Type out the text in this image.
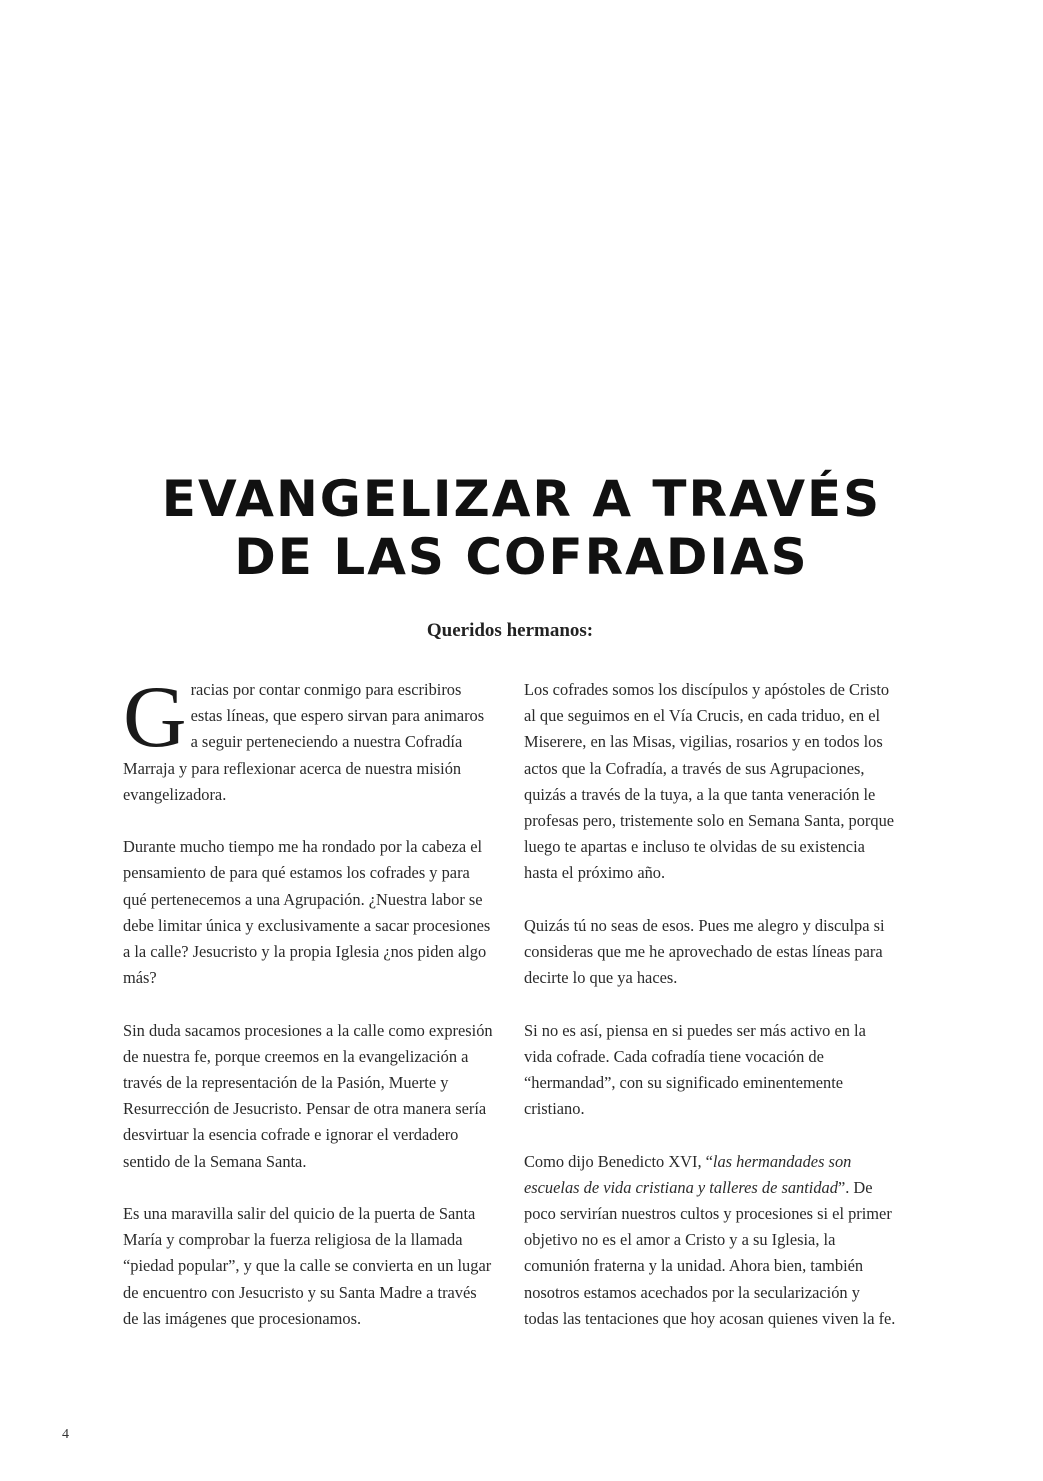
EVANGELIZAR A TRAVÉS
DE LAS COFRADIAS
Queridos hermanos:

Gracias por contar conmigo para escribiros estas líneas, que espero sirvan para animaros a seguir perteneciendo a nuestra Cofradía Marraja y para reflexionar acerca de nuestra misión evangelizadora.

Durante mucho tiempo me ha rondado por la cabeza el pensamiento de para qué estamos los cofrades y para qué pertenecemos a una Agrupación. ¿Nuestra labor se debe limitar única y exclusivamente a sacar procesiones a la calle? Jesucristo y la propia Iglesia ¿nos piden algo más?

Sin duda sacamos procesiones a la calle como expresión de nuestra fe, porque creemos en la evangelización a través de la representación de la Pasión, Muerte y Resurrección de Jesucristo. Pensar de otra manera sería desvirtuar la esencia cofrade e ignorar el verdadero sentido de la Semana Santa.

Es una maravilla salir del quicio de la puerta de Santa María y comprobar la fuerza religiosa de la llamada “piedad popular”, y que la calle se convierta en un lugar de encuentro con Jesucristo y su Santa Madre a través de las imágenes que procesionamos.

Los cofrades somos los discípulos y apóstoles de Cristo al que seguimos en el Vía Crucis, en cada triduo, en el Miserere, en las Misas, vigilias, rosarios y en todos los actos que la Cofradía, a través de sus Agrupaciones, quizás a través de la tuya, a la que tanta veneración le profesas pero, tristemente solo en Semana Santa, porque luego te apartas e incluso te olvidas de su existencia hasta el próximo año.

Quizás tú no seas de esos. Pues me alegro y disculpa si consideras que me he aprovechado de estas líneas para decirte lo que ya haces.

Si no es así, piensa en si puedes ser más activo en la vida cofrade. Cada cofradía tiene vocación de “hermandad”, con su significado eminentemente cristiano.

Como dijo Benedicto XVI, “las hermandades son escuelas de vida cristiana y talleres de santidad”. De poco servirían nuestros cultos y procesiones si el primer objetivo no es el amor a Cristo y a su Iglesia, la comunión fraterna y la unidad. Ahora bien, también nosotros estamos acechados por la secularización y todas las tentaciones que hoy acosan quienes viven la fe.

4
